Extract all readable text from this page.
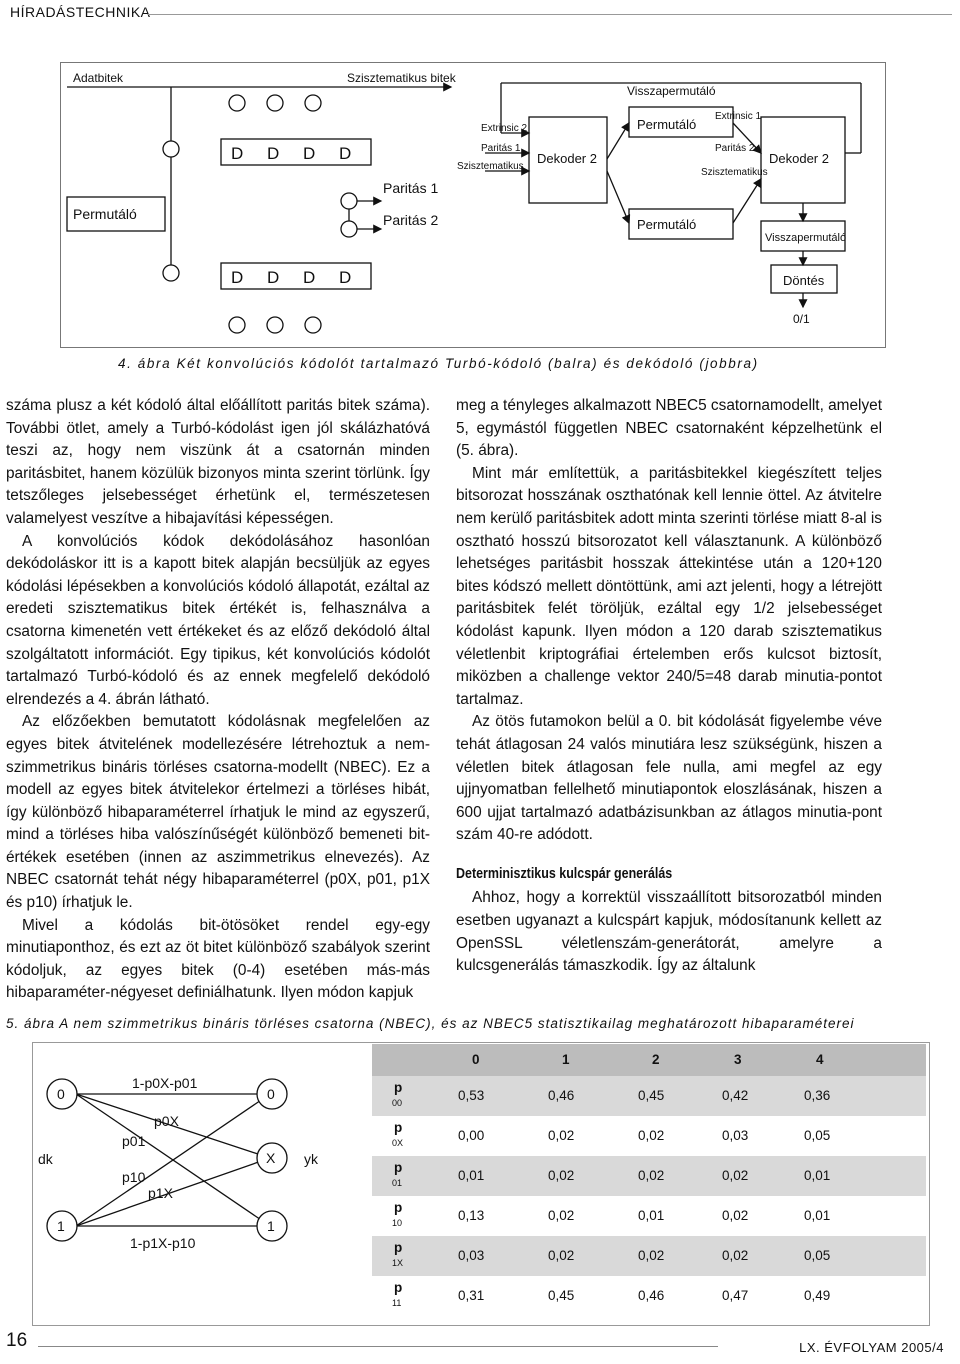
HÍRADÁSTECHNIKA
Adatbitek	Szisztematikus bitek
D D D D
D D D D
Paritás 1
Paritás 2
Permutáló
Visszapermutáló
Permutáló
Extrinsic 2
Paritás 1
Szisztematikus
Dekoder 2
Extrinsic 1
Paritás 2
Szisztematikus
Dekoder 2
Permutáló
Visszapermutáló
Döntés
0/1
4. ábra Két konvolúciós kódolót tartalmazó Turbó-kódoló (balra) és dekódoló (jobbra)

száma plusz a két kódoló által előállított paritás bitek száma). További ötlet, amely a Turbó-kódolást igen jól skálázhatóvá teszi az, hogy nem viszünk át a csatornán minden paritásbitet, hanem közülük bizonyos minta szerint törlünk. Így tetszőleges jelsebességet érhetünk el, természetesen valamelyest veszítve a hibajavítási képességen.

A konvolúciós kódok dekódolásához hasonlóan dekódoláskor itt is a kapott bitek alapján becsüljük az egyes kódolási lépésekben a konvolúciós kódoló állapotát, ezáltal az eredeti szisztematikus bitek értékét is, felhasználva a csatorna kimenetén vett értékeket és az előző dekódoló által szolgáltatott információt. Egy tipikus, két konvolúciós kódolót tartalmazó Turbó-kódoló és az ennek megfelelő dekódoló elrendezés a 4. ábrán látható.

Az előzőekben bemutatott kódolásnak megfelelően az egyes bitek átvitelének modellezésére létrehoztuk a nem-szimmetrikus bináris törléses csatorna-modellt (NBEC). Ez a modell az egyes bitek átvitelekor értelmezi a törléses hibát, így különböző hibaparaméterrel írhatjuk le mind az egyszerű, mind a törléses hiba valószínűségét különböző bemeneti bit-értékek esetében (innen az aszimmetrikus elnevezés). Az NBEC csatornát tehát négy hibaparaméterrel (p0X, p01, p1X és p10) írhatjuk le.

Mivel a kódolás bit-ötösöket rendel egy-egy minutiaponthoz, és ezt az öt bitet különböző szabályok szerint kódoljuk, az egyes bitek (0-4) esetében más-más hibaparaméter-négyeset definiálhatunk. Ilyen módon kapjuk

meg a tényleges alkalmazott NBEC5 csatornamodellt, amelyet 5, egymástól független NBEC csatornaként képzelhetünk el (5. ábra).

Mint már említettük, a paritásbitekkel kiegészített teljes bitsorozat hosszának oszthatónak kell lennie öttel. Az átvitelre nem kerülő paritásbitek adott minta szerinti törlése miatt 8-al is osztható hosszú bitsorozatot kell választanunk. A különböző lehetséges paritásbit hosszak áttekintése után a 120+120 bites kódszó mellett döntöttünk, ami azt jelenti, hogy a létrejött paritásbitek felét töröljük, ezáltal egy 1/2 jelsebességet kódolást kapunk. Ilyen módon a 120 darab szisztematikus véletlenbit kriptográfiai értelemben erős kulcsot biztosít, miközben a challenge vektor 240/5=48 darab minutia-pontot tartalmaz.

Az ötös futamokon belül a 0. bit kódolását figyelembe véve tehát átlagosan 24 valós minutiára lesz szükségünk, hiszen a véletlen bitek átlagosan fele nulla, ami megfel az egy ujjnyomatban fellelhető minutiapontok eloszlásának, hiszen a 600 ujjat tartalmazó adatbázisunkban az átlagos minutia-pont szám 40-re adódott.

Determinisztikus kulcspár generálás

Ahhoz, hogy a korrektül visszaállított bitsorozatból minden esetben ugyanazt a kulcspárt kapjuk, módosítanunk kellett az OpenSSL véletlenszám-generátorát, amelyre a kulcsgenerálás támaszkodik. Így az általunk

5. ábra A nem szimmetrikus bináris törléses csatorna (NBEC), és az NBEC5 statisztikailag meghatározott hibaparaméterei
0
1
0
X
1
dk	yk
1-p0X-p01
p0X
p01
p10
p1X
1-p1X-p10
0	1	2	3	4
p
00	0,53	0,46	0,45	0,42	0,36
p
0X	0,00	0,02	0,02	0,03	0,05
p
01	0,01	0,02	0,02	0,02	0,01
p
10	0,13	0,02	0,01	0,02	0,01
p
1X	0,03	0,02	0,02	0,02	0,05
p
11	0,31	0,45	0,46	0,47	0,49
16	LX. ÉVFOLYAM 2005/4
